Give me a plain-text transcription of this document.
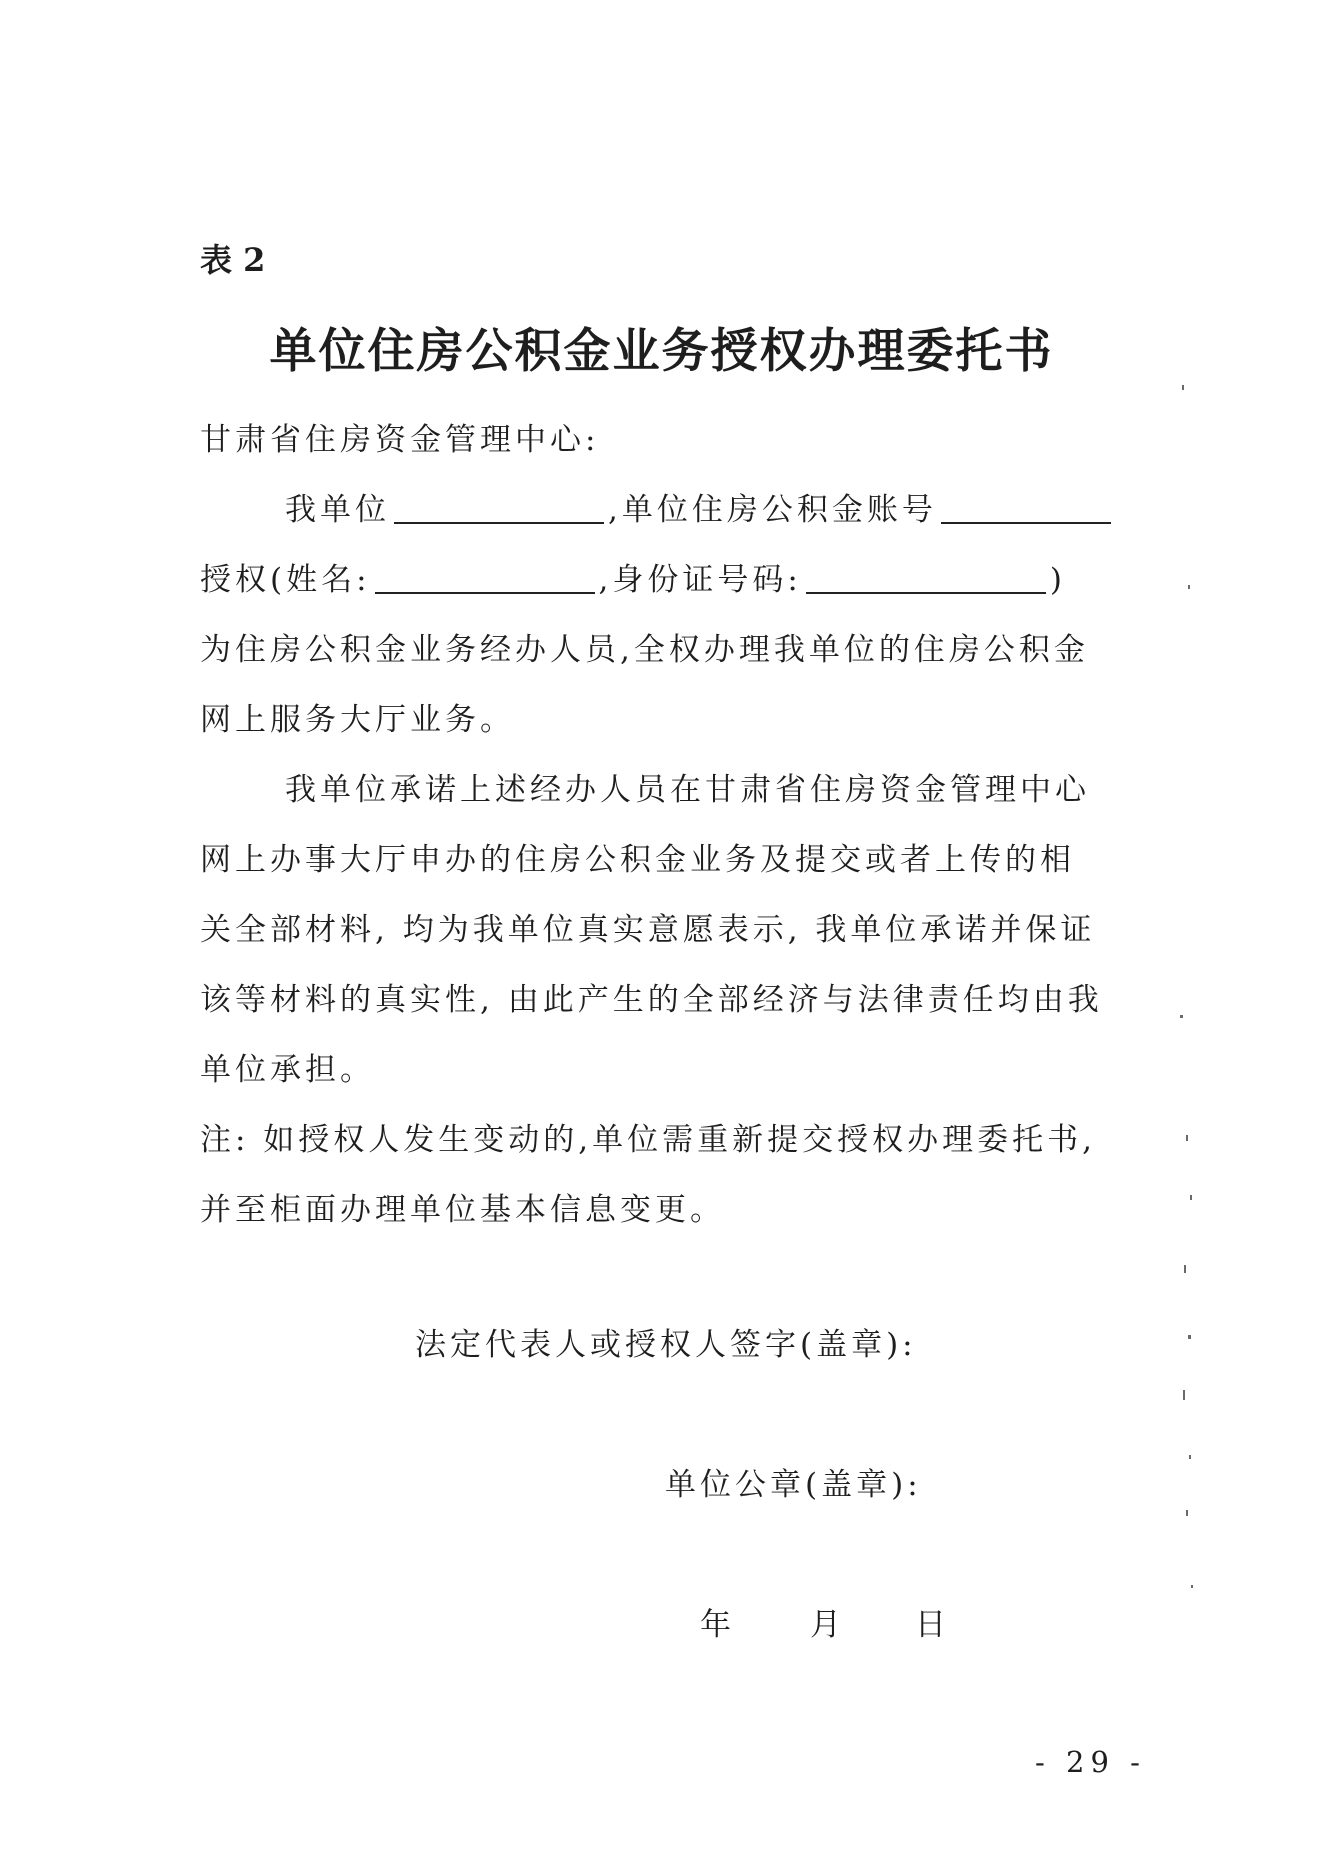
表 2
单位住房公积金业务授权办理委托书
甘肃省住房资金管理中心:
我单位	,单位住房公积金账号
授权(姓名:	,身份证号码:	)
为住房公积金业务经办人员,全权办理我单位的住房公积金
网上服务大厅业务。
我单位承诺上述经办人员在甘肃省住房资金管理中心
网上办事大厅申办的住房公积金业务及提交或者上传的相
关全部材料, 均为我单位真实意愿表示, 我单位承诺并保证
该等材料的真实性, 由此产生的全部经济与法律责任均由我
单位承担。
注: 如授权人发生变动的,单位需重新提交授权办理委托书,
并至柜面办理单位基本信息变更。
法定代表人或授权人签字(盖章):
单位公章(盖章):
年	月 日
- 29 -
